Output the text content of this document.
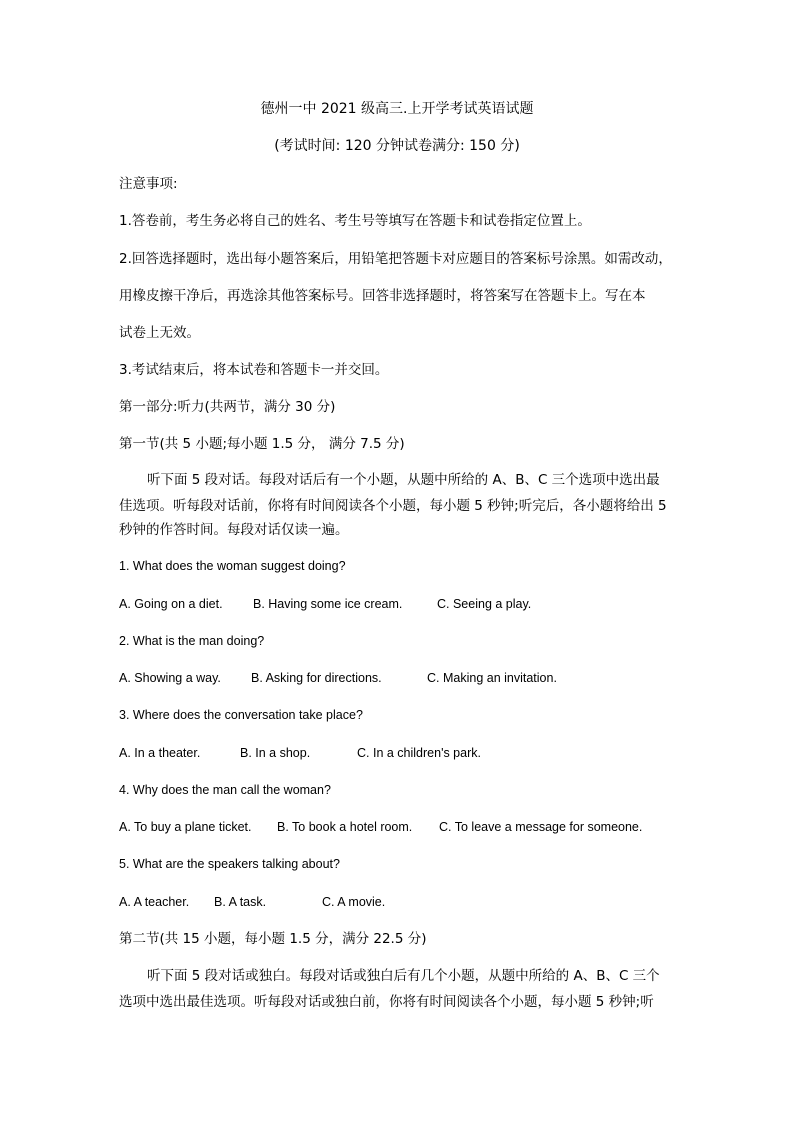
德州一中 2021 级高三.上开学考试英语试题
(考试时间: 120 分钟试卷满分: 150 分)
注意事项:
1.答卷前，考生务必将自己的姓名、考生号等填写在答题卡和试卷指定位置上。
2.回答选择题时，选出每小题答案后，用铅笔把答题卡对应题目的答案标号涂黑。如需改动，
用橡皮擦干净后，再选涂其他答案标号。回答非选择题时，将答案写在答题卡上。写在本
试卷上无效。
3.考试结束后，将本试卷和答题卡一并交回。
第一部分:听力(共两节，满分 30 分)
第一节(共 5 小题;每小题 1.5 分， 满分 7.5 分)
听下面 5 段对话。每段对话后有一个小题，从题中所给的 A、B、C 三个选项中选出最
佳选项。听每段对话前，你将有时间阅读各个小题，每小题 5 秒钟;听完后，各小题将给出 5
秒钟的作答时间。每段对话仅读一遍。
1. What does the woman suggest doing?
A. Going on a diet. B. Having some ice cream.	C. Seeing a play.
2. What is the man doing?
A. Showing a way. B. Asking for directions.	C. Making an invitation.
3. Where does the conversation take place?
A. In a theater.	B. In a shop.	C. In a children's park.
4. Why does the man call the woman?
A. To buy a plane ticket. B. To book a hotel room. C. To leave a message for someone.
5. What are the speakers talking about?
A. A teacher. B. A task.	C. A movie.
第二节(共 15 小题，每小题 1.5 分，满分 22.5 分)
听下面 5 段对话或独白。每段对话或独白后有几个小题，从题中所给的 A、B、C 三个
选项中选出最佳选项。听每段对话或独白前，你将有时间阅读各个小题，每小题 5 秒钟;听
